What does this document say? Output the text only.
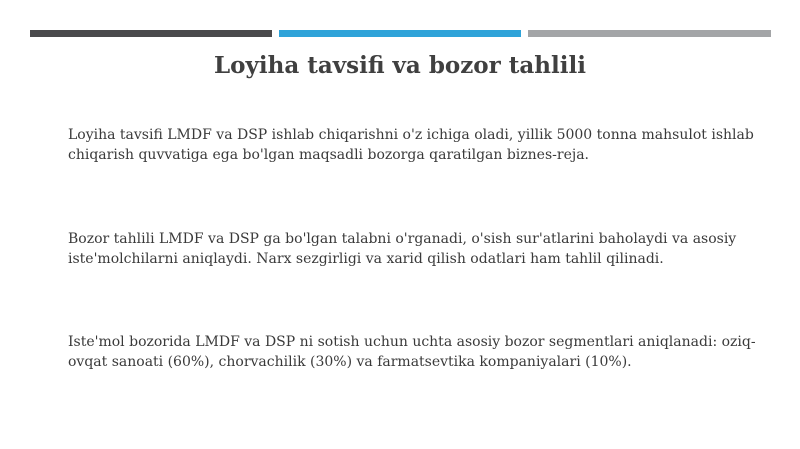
Loyiha tavsifi va bozor tahlili

Loyiha tavsifi LMDF va DSP ishlab chiqarishni o'z ichiga oladi, yillik 5000 tonna mahsulot ishlab chiqarish quvvatiga ega bo'lgan maqsadli bozorga qaratilgan biznes-reja.

Bozor tahlili LMDF va DSP ga bo'lgan talabni o'rganadi, o'sish sur'atlarini baholaydi va asosiy iste'molchilarni aniqlaydi. Narx sezgirligi va xarid qilish odatlari ham tahlil qilinadi.

Iste'mol bozorida LMDF va DSP ni sotish uchun uchta asosiy bozor segmentlari aniqlanadi: oziq-ovqat sanoati (60%), chorvachilik (30%) va farmatsevtika kompaniyalari (10%).
